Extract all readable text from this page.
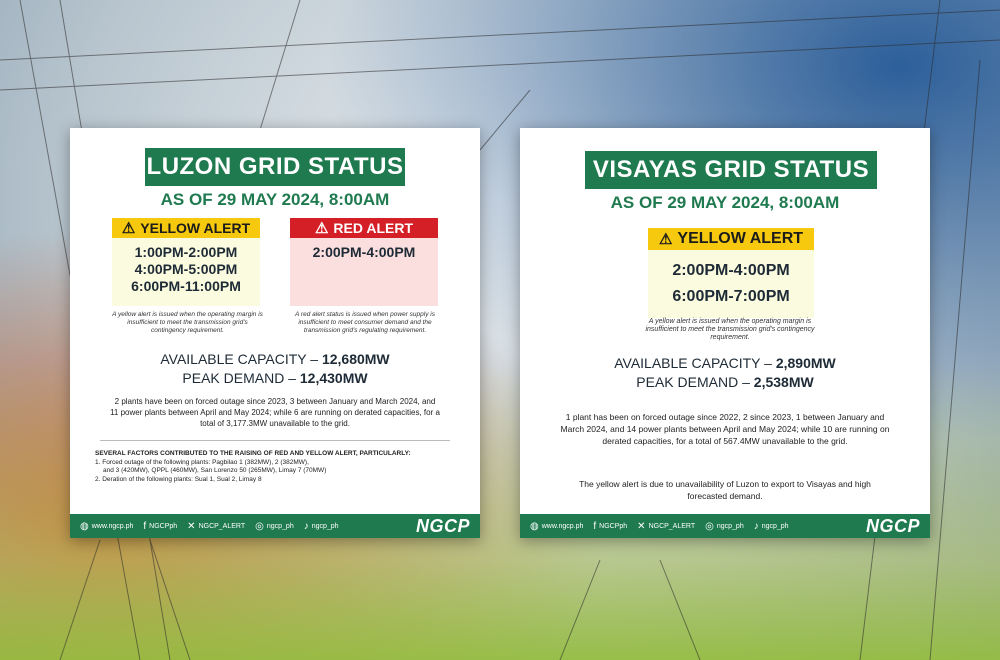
LUZON GRID STATUS
AS OF 29 MAY 2024, 8:00AM
⚠ YELLOW ALERT
1:00PM-2:00PM
4:00PM-5:00PM
6:00PM-11:00PM
⚠ RED ALERT
2:00PM-4:00PM
A yellow alert is issued when the operating margin is insufficient to meet the transmission grid's contingency requirement.
A red alert status is issued when power supply is insufficient to meet consumer demand and the transmission grid's regulating requirement.
AVAILABLE CAPACITY – 12,680MW
PEAK DEMAND – 12,430MW
2 plants have been on forced outage since 2023, 3 between January and March 2024, and 11 power plants between April and May 2024; while 6 are running on derated capacities, for a total of 3,177.3MW unavailable to the grid.
SEVERAL FACTORS CONTRIBUTED TO THE RAISING OF RED AND YELLOW ALERT, PARTICULARLY:
1. Forced outage of the following plants: Pagbilao 1 (382MW), 2 (382MW),
and 3 (420MW), QPPL (460MW), San Lorenzo 50 (265MW), Limay 7 (70MW)
2. Deration of the following plants: Sual 1, Sual 2, Limay 8
◍ www.ngcp.ph f NGCPph ✕ NGCP_ALERT ◎ ngcp_ph ♪ ngcp_ph	NGCP
VISAYAS GRID STATUS
AS OF 29 MAY 2024, 8:00AM
⚠ YELLOW ALERT
2:00PM-4:00PM
6:00PM-7:00PM
A yellow alert is issued when the operating margin is insufficient to meet the transmission grid's contingency requirement.
AVAILABLE CAPACITY – 2,890MW
PEAK DEMAND – 2,538MW
1 plant has been on forced outage since 2022, 2 since 2023, 1 between January and March 2024, and 14 power plants between April and May 2024; while 10 are running on derated capacities, for a total of 567.4MW unavailable to the grid.
The yellow alert is due to unavailability of Luzon to export to Visayas and high forecasted demand.
◍ www.ngcp.ph f NGCPph ✕ NGCP_ALERT ◎ ngcp_ph ♪ ngcp_ph	NGCP
